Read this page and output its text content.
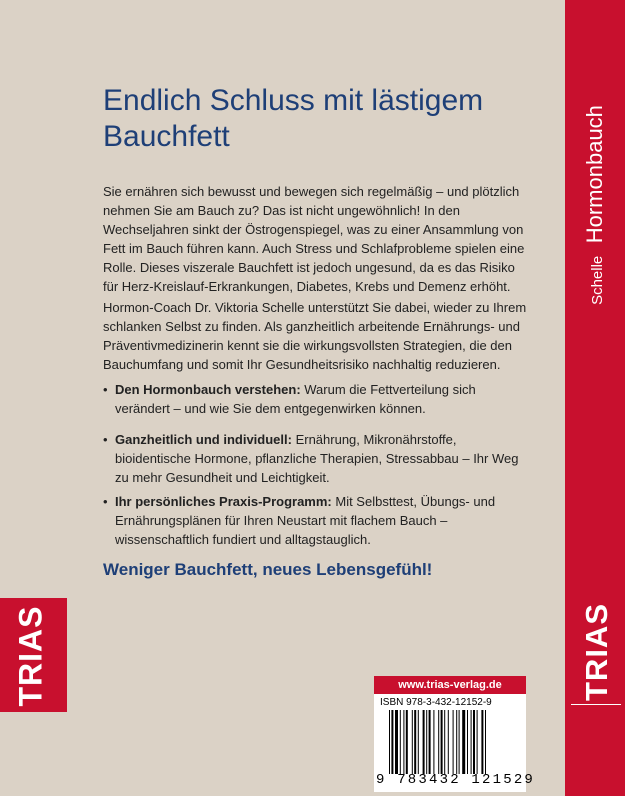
Endlich Schluss mit lästigem Bauchfett

Sie ernähren sich bewusst und bewegen sich regelmäßig – und plötzlich nehmen Sie am Bauch zu? Das ist nicht ungewöhnlich! In den Wechseljahren sinkt der Östrogenspiegel, was zu einer Ansammlung von Fett im Bauch führen kann. Auch Stress und Schlafprobleme spielen eine Rolle. Dieses viszerale Bauchfett ist jedoch ungesund, da es das Risiko für Herz-Kreislauf-Erkrankungen, Diabetes, Krebs und Demenz erhöht.

Hormon-Coach Dr. Viktoria Schelle unterstützt Sie dabei, wieder zu Ihrem schlanken Selbst zu finden. Als ganzheitlich arbeitende Ernährungs- und Präventivmedizinerin kennt sie die wirkungsvollsten Strategien, die den Bauchumfang und somit Ihr Gesundheitsrisiko nachhaltig reduzieren.

• Den Hormonbauch verstehen: Warum die Fettverteilung sich verändert – und wie Sie dem entgegenwirken können.
• Ganzheitlich und individuell: Ernährung, Mikronährstoffe, bioidentische Hormone, pflanzliche Therapien, Stressabbau – Ihr Weg zu mehr Gesundheit und Leichtigkeit.
• Ihr persönliches Praxis-Programm: Mit Selbsttest, Übungs- und Ernährungsplänen für Ihren Neustart mit flachem Bauch – wissenschaftlich fundiert und alltagstauglich.

Weniger Bauchfett, neues Lebensgefühl!

TRIAS
Schelle Hormonbauch
TRIAS
www.trias-verlag.de
ISBN 978-3-432-12152-9
9 783432 121529
